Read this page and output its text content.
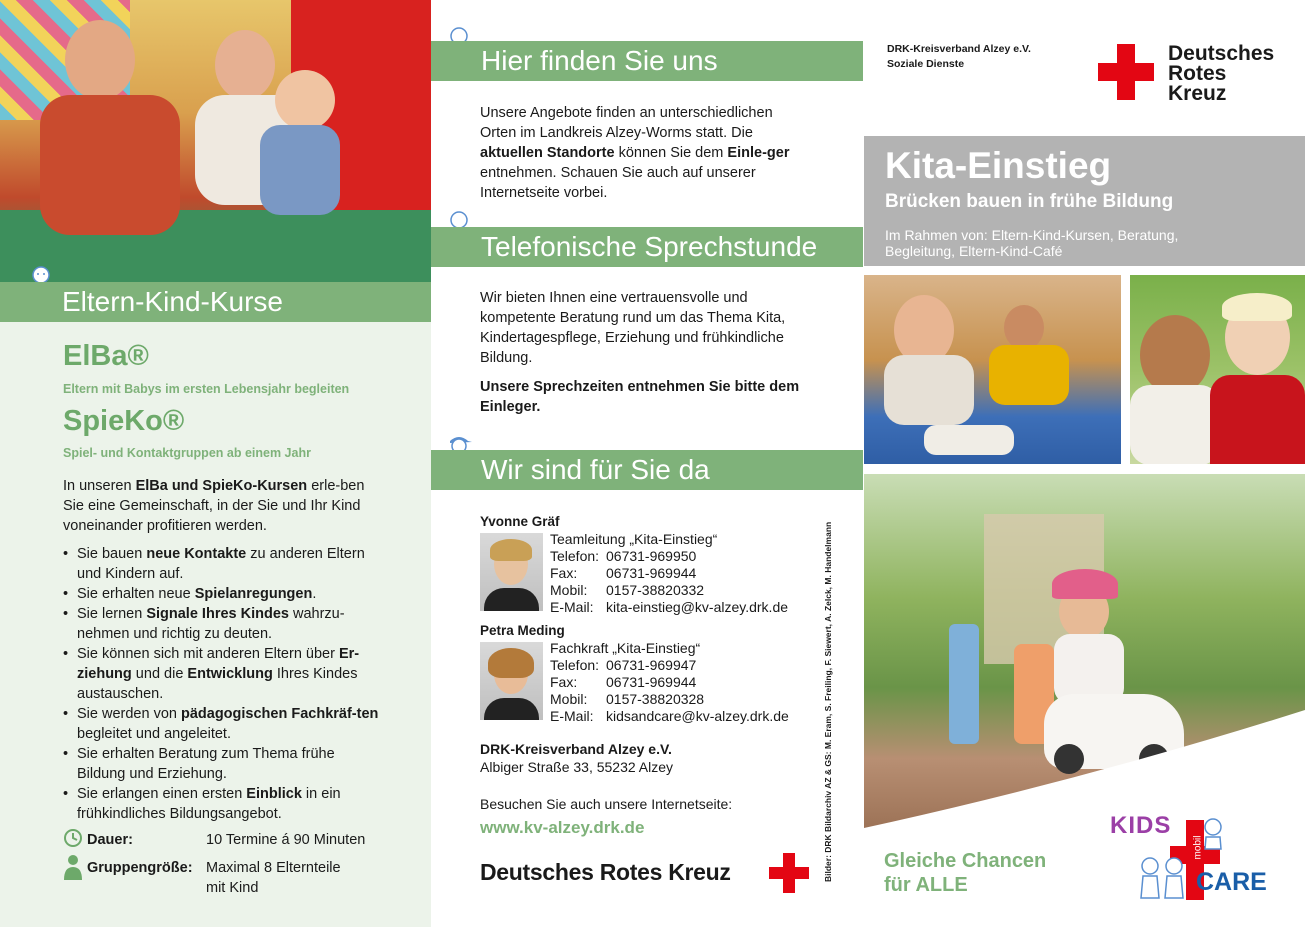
Eltern-Kind-Kurse
ElBa®
Eltern mit Babys im ersten Lebensjahr begleiten
SpieKo®
Spiel- und Kontaktgruppen ab einem Jahr
In unseren ElBa und SpieKo-Kursen erle-ben Sie eine Gemeinschaft, in der Sie und Ihr Kind voneinander profitieren werden.
• Sie bauen neue Kontakte zu anderen Eltern und Kindern auf.
• Sie erhalten neue Spielanregungen.
• Sie lernen Signale Ihres Kindes wahrzu-nehmen und richtig zu deuten.
• Sie können sich mit anderen Eltern über Er-ziehung und die Entwicklung Ihres Kindes austauschen.
• Sie werden von pädagogischen Fachkräf-ten begleitet und angeleitet.
• Sie erhalten Beratung zum Thema frühe Bildung und Erziehung.
• Sie erlangen einen ersten Einblick in ein frühkindliches Bildungsangebot.
Dauer:	10 Termine á 90 Minuten
Gruppengröße: Maximal 8 Elternteile
mit Kind
Hier finden Sie uns
Unsere Angebote finden an unterschiedlichen Orten im Landkreis Alzey-Worms statt. Die aktuellen Standorte können Sie dem Einle-ger entnehmen. Schauen Sie auch auf unserer Internetseite vorbei.
Telefonische Sprechstunde
Wir bieten Ihnen eine vertrauensvolle und kompetente Beratung rund um das Thema Kita, Kindertagespflege, Erziehung und frühkindliche Bildung.
Unsere Sprechzeiten entnehmen Sie bitte dem Einleger.
Wir sind für Sie da
Yvonne Gräf
Teamleitung „Kita-Einstieg“
Telefon: 06731-969950
Fax:	06731-969944
Mobil:	0157-38820332
E-Mail: kita-einstieg@kv-alzey.drk.de
Petra Meding
Fachkraft „Kita-Einstieg“
Telefon: 06731-969947
Fax:	06731-969944
Mobil:	0157-38820328
E-Mail: kidsandcare@kv-alzey.drk.de
DRK-Kreisverband Alzey e.V.
Albiger Straße 33, 55232 Alzey
Besuchen Sie auch unsere Internetseite:
www.kv-alzey.drk.de
Deutsches Rotes Kreuz	Bilder: DRK Bildarchiv AZ & GS: M. Eram, S. Freiling, F. Siewert, A. Zelck, M. Handelmann
DRK-Kreisverband Alzey e.V.
Soziale Dienste	Deutsches
Rotes
Kreuz
Kita-Einstieg
Brücken bauen in frühe Bildung
Im Rahmen von: Eltern-Kind-Kursen, Beratung,
Begleitung, Eltern-Kind-Café
Gleiche Chancen
für ALLE
KIDS
mobil
CARE
